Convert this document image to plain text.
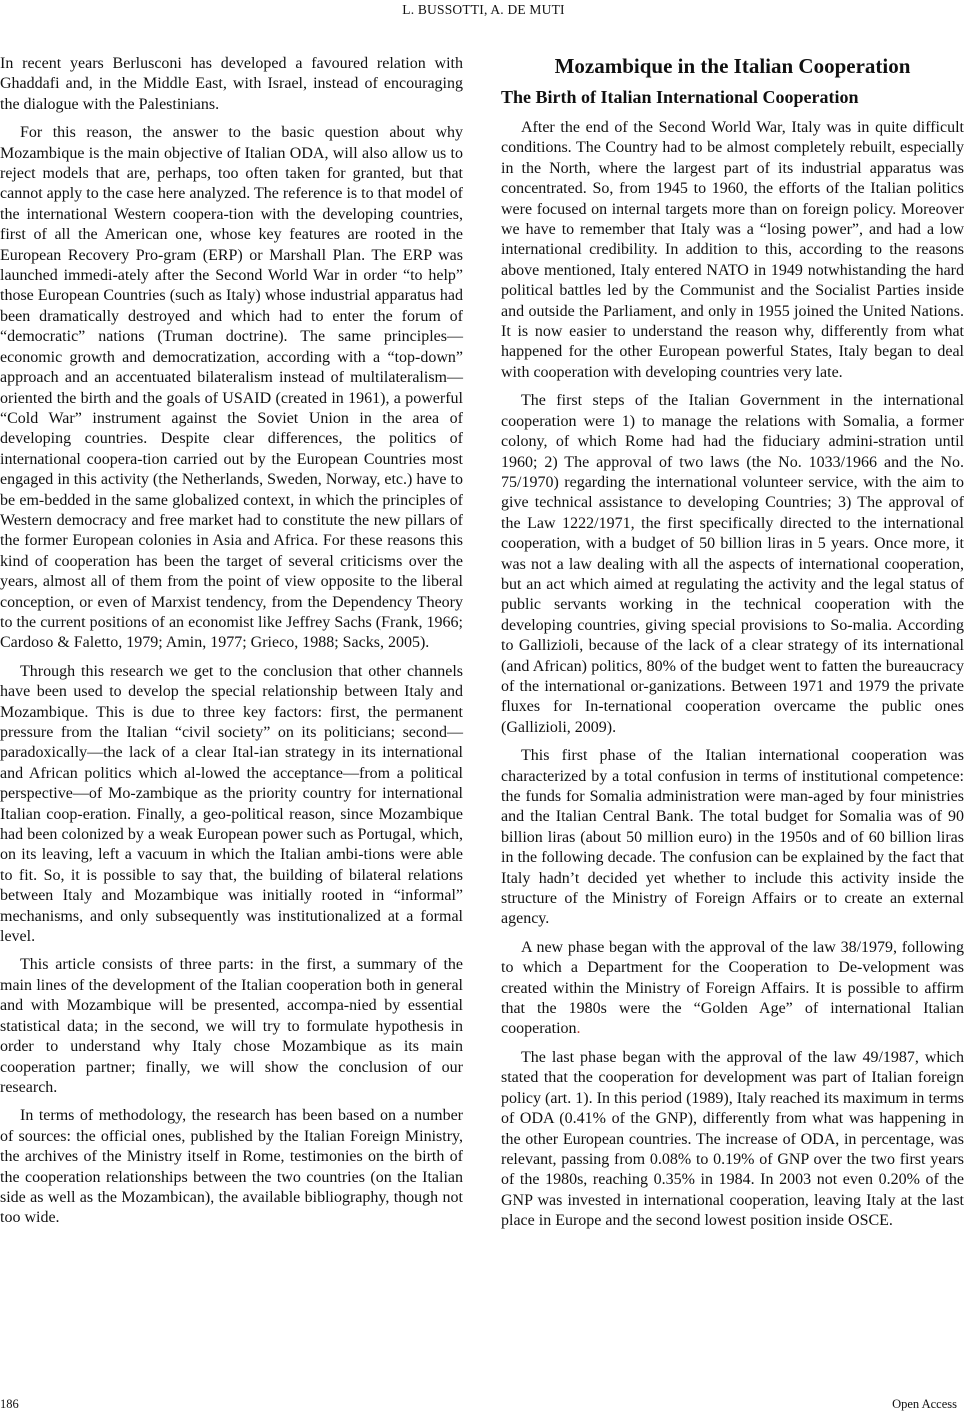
L. BUSSOTTI, A. DE MUTI

In recent years Berlusconi has developed a favoured relation with Ghaddafi and, in the Middle East, with Israel, instead of encouraging the dialogue with the Palestinians.

For this reason, the answer to the basic question about why Mozambique is the main objective of Italian ODA, will also allow us to reject models that are, perhaps, too often taken for granted, but that cannot apply to the case here analyzed. The reference is to that model of the international Western coopera-tion with the developing countries, first of all the American one, whose key features are rooted in the European Recovery Pro-gram (ERP) or Marshall Plan. The ERP was launched immedi-ately after the Second World War in order “to help” those European Countries (such as Italy) whose industrial apparatus had been dramatically destroyed and which had to enter the forum of “democratic” nations (Truman doctrine). The same principles—economic growth and democratization, according with a “top-down” approach and an accentuated bilateralism instead of multilateralism—oriented the birth and the goals of USAID (created in 1961), a powerful “Cold War” instrument against the Soviet Union in the area of developing countries. Despite clear differences, the politics of international coopera-tion carried out by the European Countries most engaged in this activity (the Netherlands, Sweden, Norway, etc.) have to be em-bedded in the same globalized context, in which the principles of Western democracy and free market had to constitute the new pillars of the former European colonies in Asia and Africa. For these reasons this kind of cooperation has been the target of several criticisms over the years, almost all of them from the point of view opposite to the liberal conception, or even of Marxist tendency, from the Dependency Theory to the current positions of an economist like Jeffrey Sachs (Frank, 1966; Cardoso & Faletto, 1979; Amin, 1977; Grieco, 1988; Sacks, 2005).

Through this research we get to the conclusion that other channels have been used to develop the special relationship between Italy and Mozambique. This is due to three key factors: first, the permanent pressure from the Italian “civil society” on its politicians; second—paradoxically—the lack of a clear Ital-ian strategy in its international and African politics which al-lowed the acceptance—from a political perspective—of Mo-zambique as the priority country for international Italian coop-eration. Finally, a geo-political reason, since Mozambique had been colonized by a weak European power such as Portugal, which, on its leaving, left a vacuum in which the Italian ambi-tions were able to fit. So, it is possible to say that, the building of bilateral relations between Italy and Mozambique was initially rooted in “informal” mechanisms, and only subsequently was institutionalized at a formal level.

This article consists of three parts: in the first, a summary of the main lines of the development of the Italian cooperation both in general and with Mozambique will be presented, accompa-nied by essential statistical data; in the second, we will try to formulate hypothesis in order to understand why Italy chose Mozambique as its main cooperation partner; finally, we will show the conclusion of our research.

In terms of methodology, the research has been based on a number of sources: the official ones, published by the Italian Foreign Ministry, the archives of the Ministry itself in Rome, testimonies on the birth of the cooperation relationships between the two countries (on the Italian side as well as the Mozambican), the available bibliography, though not too wide.

Mozambique in the Italian Cooperation
The Birth of Italian International Cooperation

After the end of the Second World War, Italy was in quite difficult conditions. The Country had to be almost completely rebuilt, especially in the North, where the largest part of its industrial apparatus was concentrated. So, from 1945 to 1960, the efforts of the Italian politics were focused on internal targets more than on foreign policy. Moreover we have to remember that Italy was a “losing power”, and had a low international credibility. In addition to this, according to the reasons above mentioned, Italy entered NATO in 1949 notwhistanding the hard political battles led by the Communist and the Socialist Parties inside and outside the Parliament, and only in 1955 joined the United Nations. It is now easier to understand the reason why, differently from what happened for the other European powerful States, Italy began to deal with cooperation with developing countries very late.

The first steps of the Italian Government in the international cooperation were 1) to manage the relations with Somalia, a former colony, of which Rome had had the fiduciary admini-stration until 1960; 2) The approval of two laws (the No. 1033/1966 and the No. 75/1970) regarding the international volunteer service, with the aim to give technical assistance to developing Countries; 3) The approval of the Law 1222/1971, the first specifically directed to the international cooperation, with a budget of 50 billion liras in 5 years. Once more, it was not a law dealing with all the aspects of international cooperation, but an act which aimed at regulating the activity and the legal status of public servants working in the technical cooperation with the developing countries, giving special provisions to So-malia. According to Gallizioli, because of the lack of a clear strategy of its international (and African) politics, 80% of the budget went to fatten the bureaucracy of the international or-ganizations. Between 1971 and 1979 the private fluxes for In-ternational cooperation overcame the public ones (Gallizioli, 2009).

This first phase of the Italian international cooperation was characterized by a total confusion in terms of institutional competence: the funds for Somalia administration were man-aged by four ministries and the Italian Central Bank. The total budget for Somalia was of 90 billion liras (about 50 million euro) in the 1950s and of 60 billion liras in the following decade. The confusion can be explained by the fact that Italy hadn’t decided yet whether to include this activity inside the structure of the Ministry of Foreign Affairs or to create an external agency.

A new phase began with the approval of the law 38/1979, following to which a Department for the Cooperation to De-velopment was created within the Ministry of Foreign Affairs. It is possible to affirm that the 1980s were the “Golden Age” of international Italian cooperation.

The last phase began with the approval of the law 49/1987, which stated that the cooperation for development was part of Italian foreign policy (art. 1). In this period (1989), Italy reached its maximum in terms of ODA (0.41% of the GNP), differently from what was happening in the other European countries. The increase of ODA, in percentage, was relevant, passing from 0.08% to 0.19% of GNP over the two first years of the 1980s, reaching 0.35% in 1984. In 2003 not even 0.20% of the GNP was invested in international cooperation, leaving Italy at the last place in Europe and the second lowest position inside OSCE.

186	Open Access
